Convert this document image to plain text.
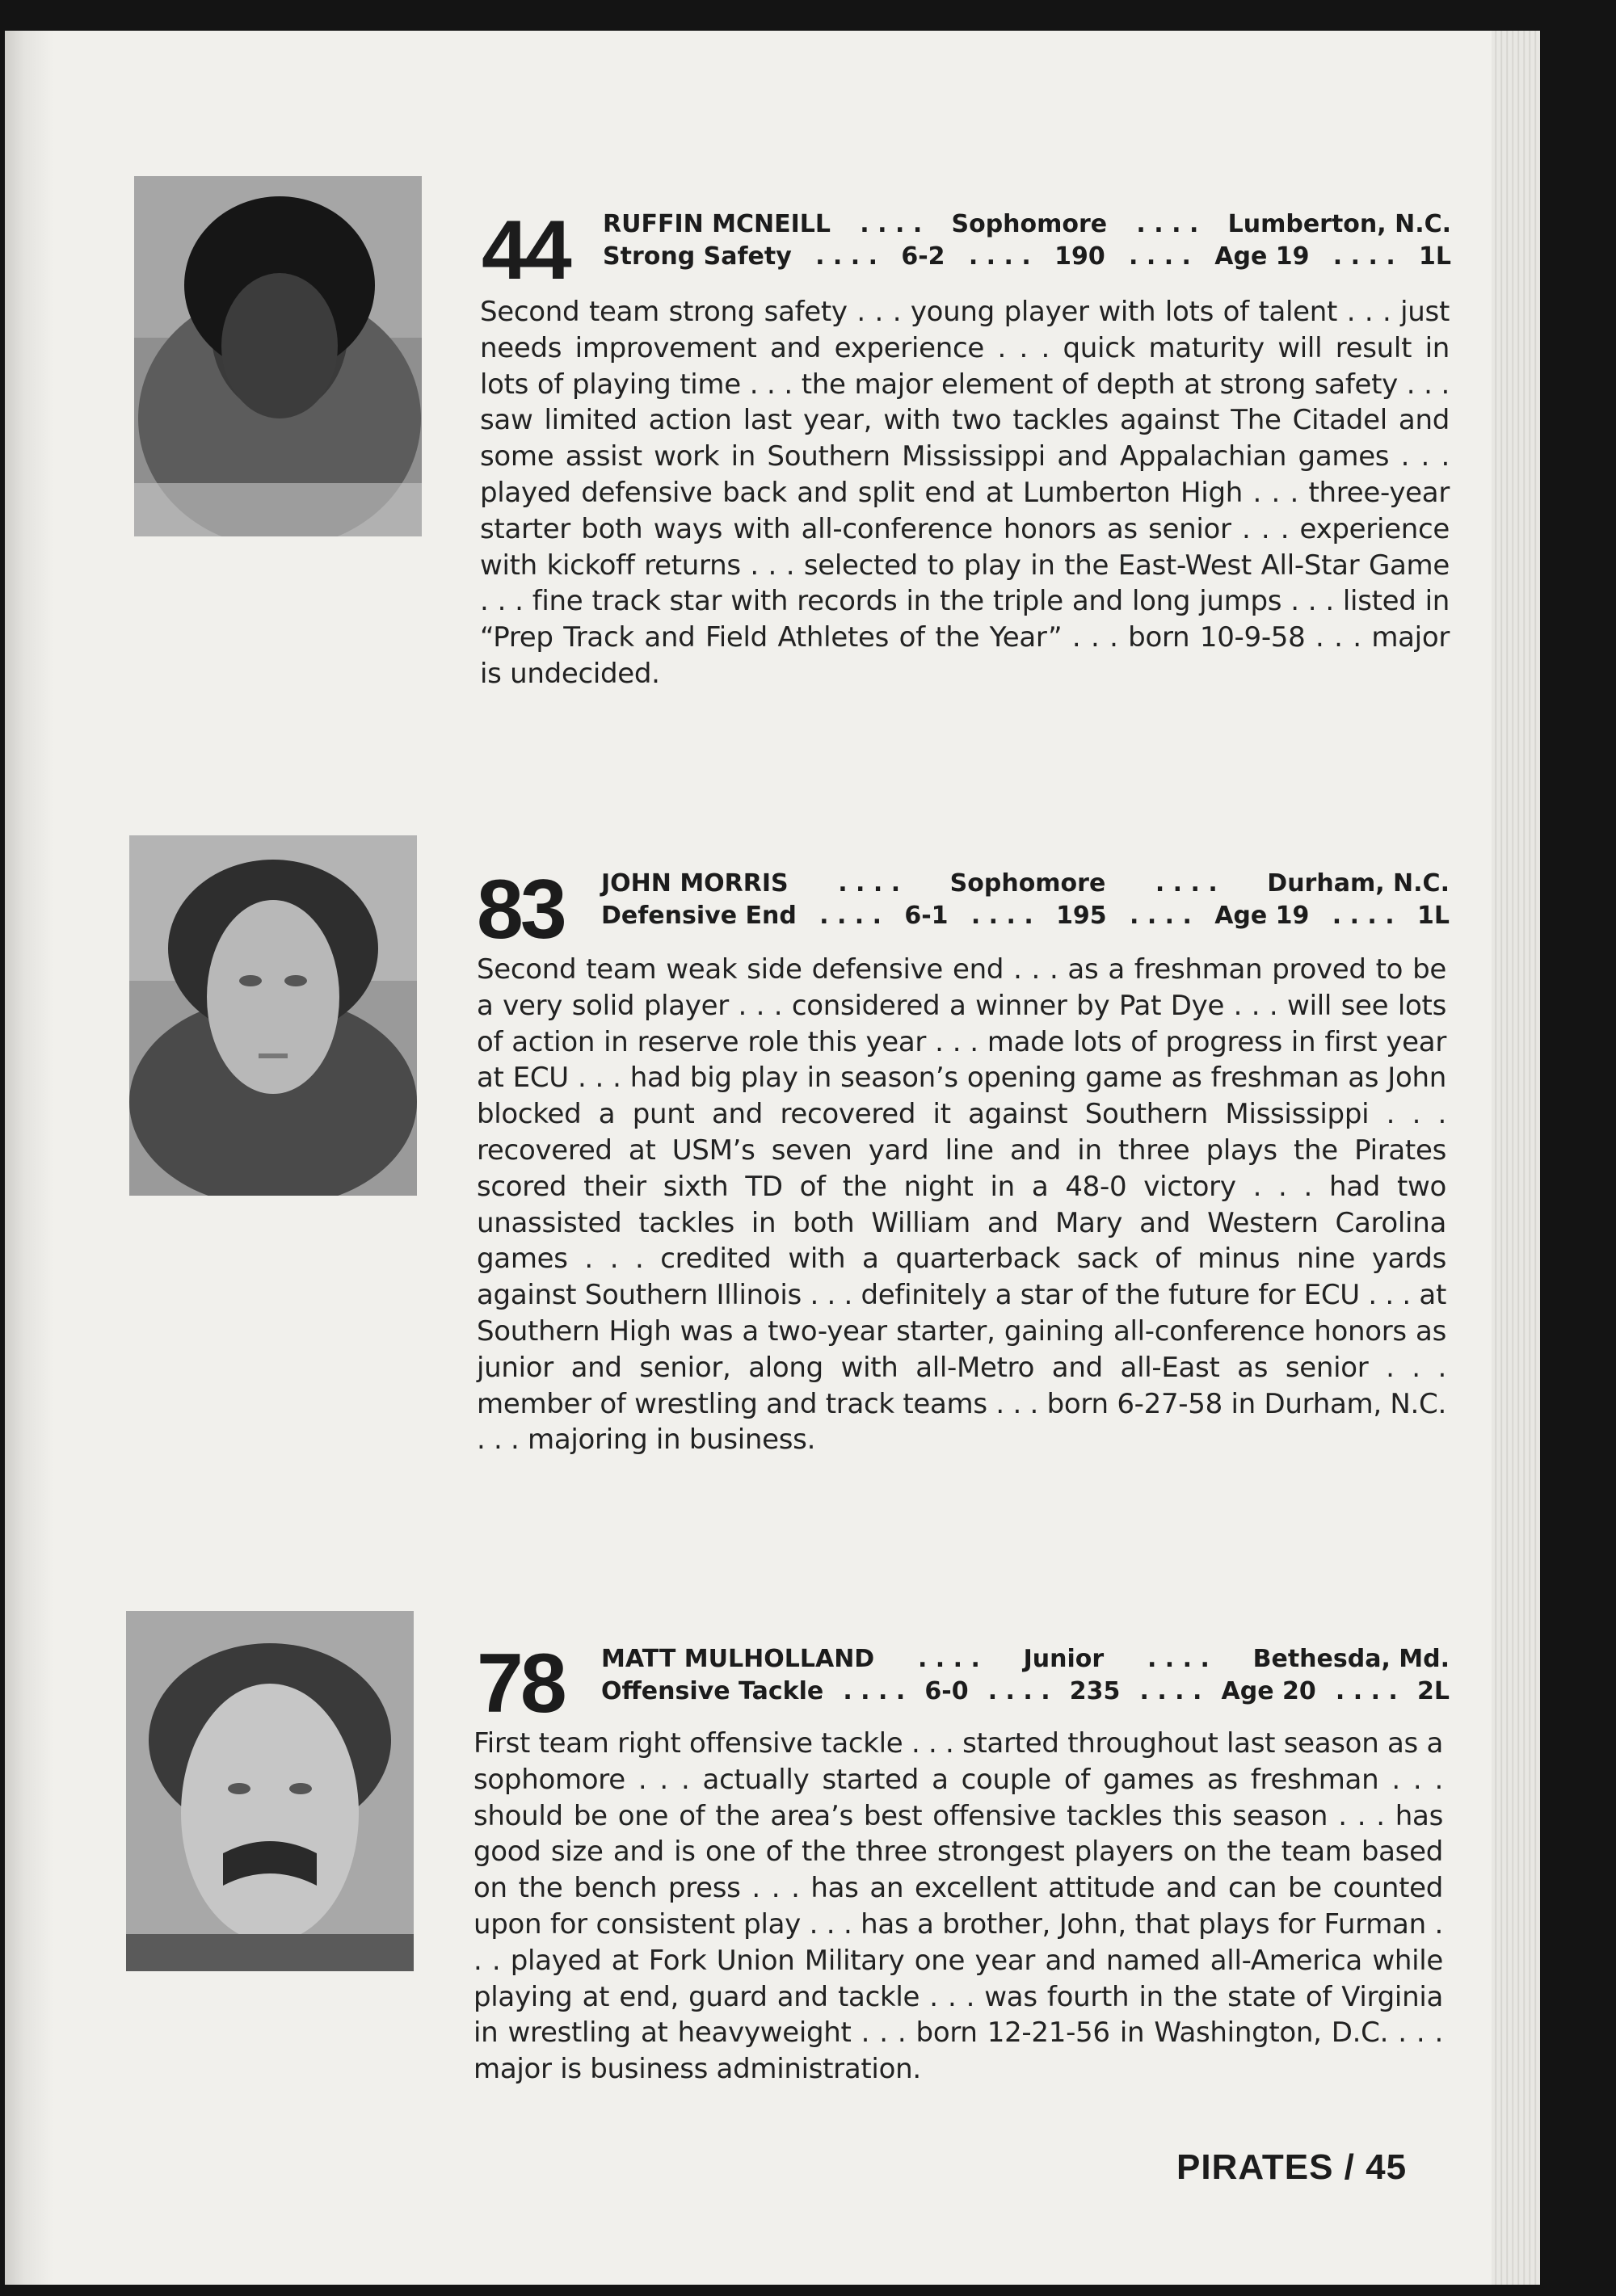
44 RUFFIN MCNEILL . . . . Sophomore . . . . Lumberton, N.C.
Strong Safety . . . . 6-2 . . . . 190 . . . . Age 19 . . . . 1L
Second team strong safety . . . young player with lots of talent . . . just needs improvement and experience . . . quick maturity will result in lots of playing time . . . the major element of depth at strong safety . . . saw limited action last year, with two tackles against The Citadel and some assist work in Southern Mississippi and Appalachian games . . . played defensive back and split end at Lumberton High . . . three-year starter both ways with all-conference honors as senior . . . experience with kickoff returns . . . selected to play in the East-West All-Star Game . . . fine track star with records in the triple and long jumps . . . listed in “Prep Track and Field Athletes of the Year” . . . born 10-9-58 . . . major is undecided.
83 JOHN MORRIS . . . . Sophomore . . . . Durham, N.C.
Defensive End . . . . 6-1 . . . . 195 . . . . Age 19 . . . . 1L
Second team weak side defensive end . . . as a freshman proved to be a very solid player . . . considered a winner by Pat Dye . . . will see lots of action in reserve role this year . . . made lots of progress in first year at ECU . . . had big play in season’s opening game as freshman as John blocked a punt and recovered it against Southern Mississippi . . . recovered at USM’s seven yard line and in three plays the Pirates scored their sixth TD of the night in a 48-0 victory . . . had two unassisted tackles in both William and Mary and Western Carolina games . . . credited with a quarterback sack of minus nine yards against Southern Illinois . . . definitely a star of the future for ECU . . . at Southern High was a two-year starter, gaining all-conference honors as junior and senior, along with all-Metro and all-East as senior . . . member of wrestling and track teams . . . born 6-27-58 in Durham, N.C. . . . majoring in business.
78 MATT MULHOLLAND . . . . Junior . . . . Bethesda, Md.
Offensive Tackle . . . . 6-0 . . . . 235 . . . . Age 20 . . . . 2L
First team right offensive tackle . . . started throughout last season as a sophomore . . . actually started a couple of games as freshman . . . should be one of the area’s best offensive tackles this season . . . has good size and is one of the three strongest players on the team based on the bench press . . . has an excellent attitude and can be counted upon for consistent play . . . has a brother, John, that plays for Furman . . . played at Fork Union Military one year and named all-America while playing at end, guard and tackle . . . was fourth in the state of Virginia in wrestling at heavyweight . . . born 12-21-56 in Washington, D.C. . . . major is business administration.
PIRATES / 45
